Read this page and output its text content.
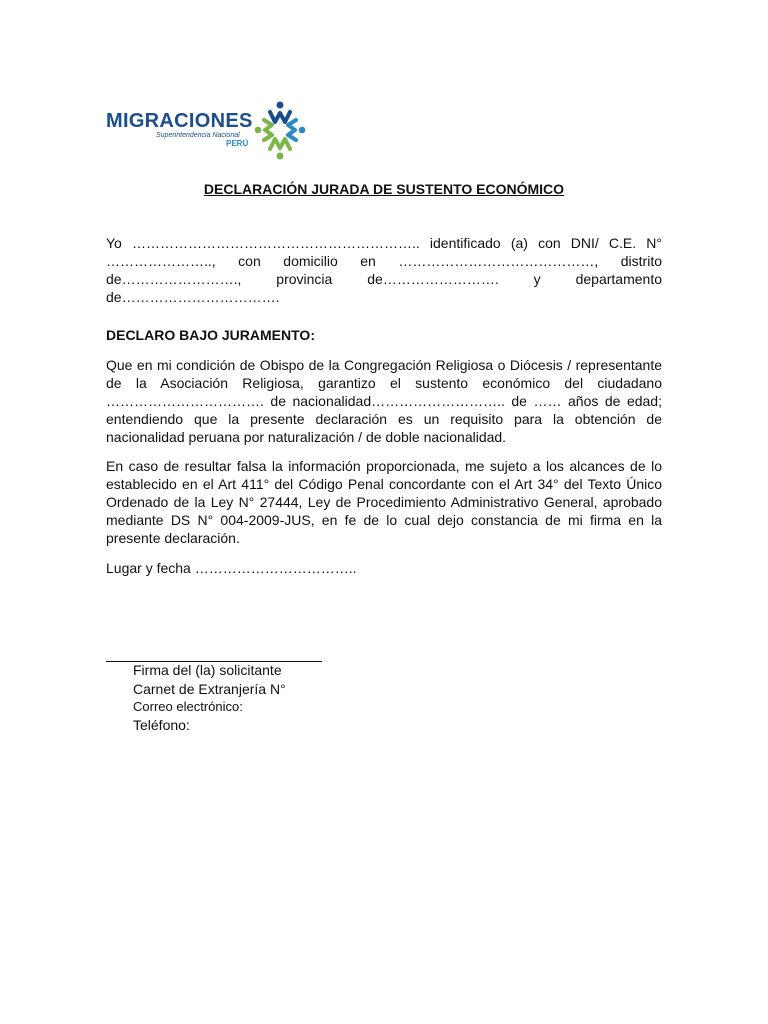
MIGRACIONES
Superintendencia Nacional
PERÚ
DECLARACIÓN JURADA DE SUSTENTO ECONÓMICO

Yo …………………………………………………….. identificado (a) con DNI/ C.E. N° ………………….., con domicilio en ……………………………………, distrito de……………………., provincia de……………………. y departamento de…………………………….

DECLARO BAJO JURAMENTO:

Que en mi condición de Obispo de la Congregación Religiosa o Diócesis / representante de la Asociación Religiosa, garantizo el sustento económico del ciudadano ……………………………. de nacionalidad……………………….. de …… años de edad; entendiendo que la presente declaración es un requisito para la obtención de nacionalidad peruana por naturalización / de doble nacionalidad.

En caso de resultar falsa la información proporcionada, me sujeto a los alcances de lo establecido en el Art 411° del Código Penal concordante con el Art 34° del Texto Único Ordenado de la Ley N° 27444, Ley de Procedimiento Administrativo General, aprobado mediante DS N° 004-2009-JUS, en fe de lo cual dejo constancia de mi firma en la presente declaración.

Lugar y fecha ……………………………..

Firma del (la) solicitante
Carnet de Extranjería N°
Correo electrónico:
Teléfono:
